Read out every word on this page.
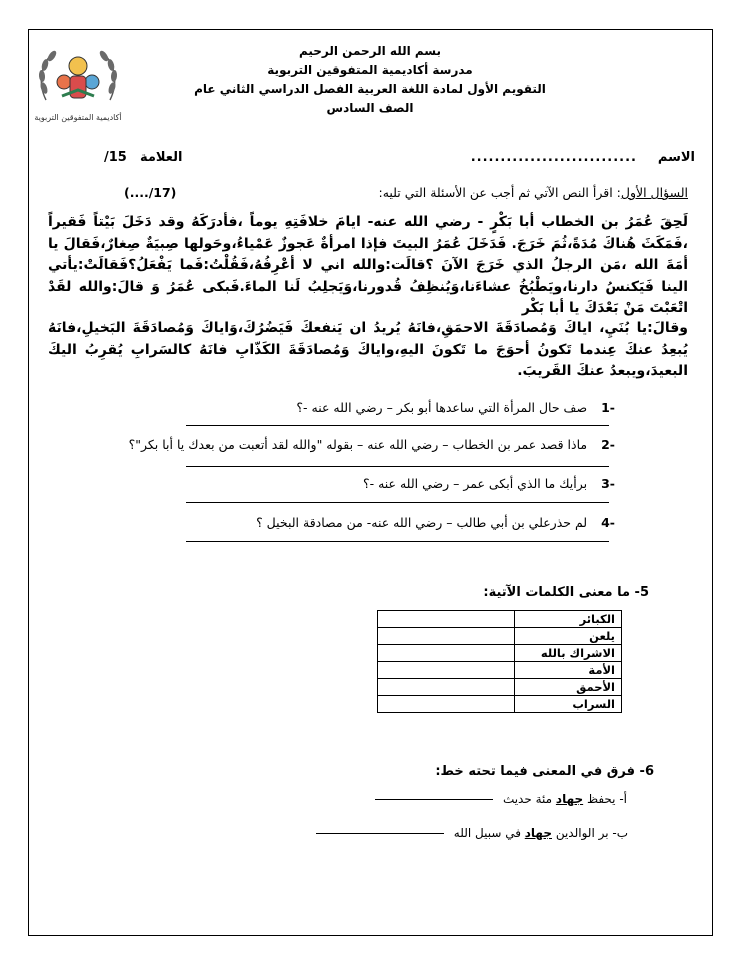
أكاديمية المتفوقين التربوية
بسم الله الرحمن الرحيم
مدرسة أكاديمية المتفوقين التربوية
التقويم الأول لمادة اللغة العربية الفصل الدراسي الثاني عام
الصف السادس
الاسم
............................
العلامة
/15
السؤال الأول: اقرأ النص الآتي ثم أجب عن الأسئلة التي تليه:
(..../17)
لَحِقَ عُمَرُ بن الخطاب أبا بَكْرٍ - رضي الله عنه- ايامَ خلافَتِهِ يوماً ،فأدرَكَهُ وقد دَخَلَ بَيْتاً فَقيراً ،فَمَكَثَ هُناكَ مُدَةً،ثُمَ خَرَجَ. فَدَخَلَ عُمَرُ البيتَ فإذا امرأةٌ عَجوزٌ عَمْياءُ،وحَولها صِبيَةٌ صِغارٌ،فَقالَ يا أمَةَ الله ،مَن الرجلُ الذي خَرَجَ الآنَ ؟قالَت:والله اني لا أعْرِفُهُ،فَقُلْتُ:فَما يَفْعَلُ؟فَقالَتْ:يأتي الينا فَيَكنسُ دارنا،ويَطْبُخُ عشاءَنا،وَيُنظِفُ قُدورنا،وَيَجلِبُ لَنا الماءَ.فَبكى عُمَرُ وَ قالَ:والله لقَدْ اتْعَبْتَ مَنْ بَعْدَكَ يا أبا بَكْر
وقالَ:يا بُنَيِ، اياكَ وَمُصادَقَةَ الاحمَقِ،فانَهُ يُريدُ ان يَنفعكَ فَيَضُرُكَ،وَاياكَ وَمُصادَقَةَ البَخيلِ،فانَهُ يُبعِدُ عنكَ عِندما تَكونُ أحوَجَ ما تَكونَ اليهِ،واياكَ وَمُصادَقَةَ الكَذّابِ فانَهُ كالسَرابِ يُقرِبُ اليكَ البعيدَ،ويبعدُ عنكَ القَريبَ.
-1صف حال المرأة التي ساعدها أبو بكر – رضي الله عنه -؟
-2ماذا قصد عمر بن الخطاب – رضي الله عنه – بقوله "والله لقد أتعبت من بعدك يا أبا بكر"؟
-3برأيك ما الذي أبكى عمر – رضي الله عنه -؟
-4لم حذرعلي بن أبي طالب – رضي الله عنه- من مصادقة البخيل ؟
5- ما معنى الكلمات الآتية:
الكبائر	
يلعن	
الاشراك بالله	
الأمة	
الأحمق	
السراب	
6- فرق في المعنى فيما تحته خط:
أ- يحفظ جهاد مئة حديث
ب- بر الوالدين جهاد في سبيل الله
